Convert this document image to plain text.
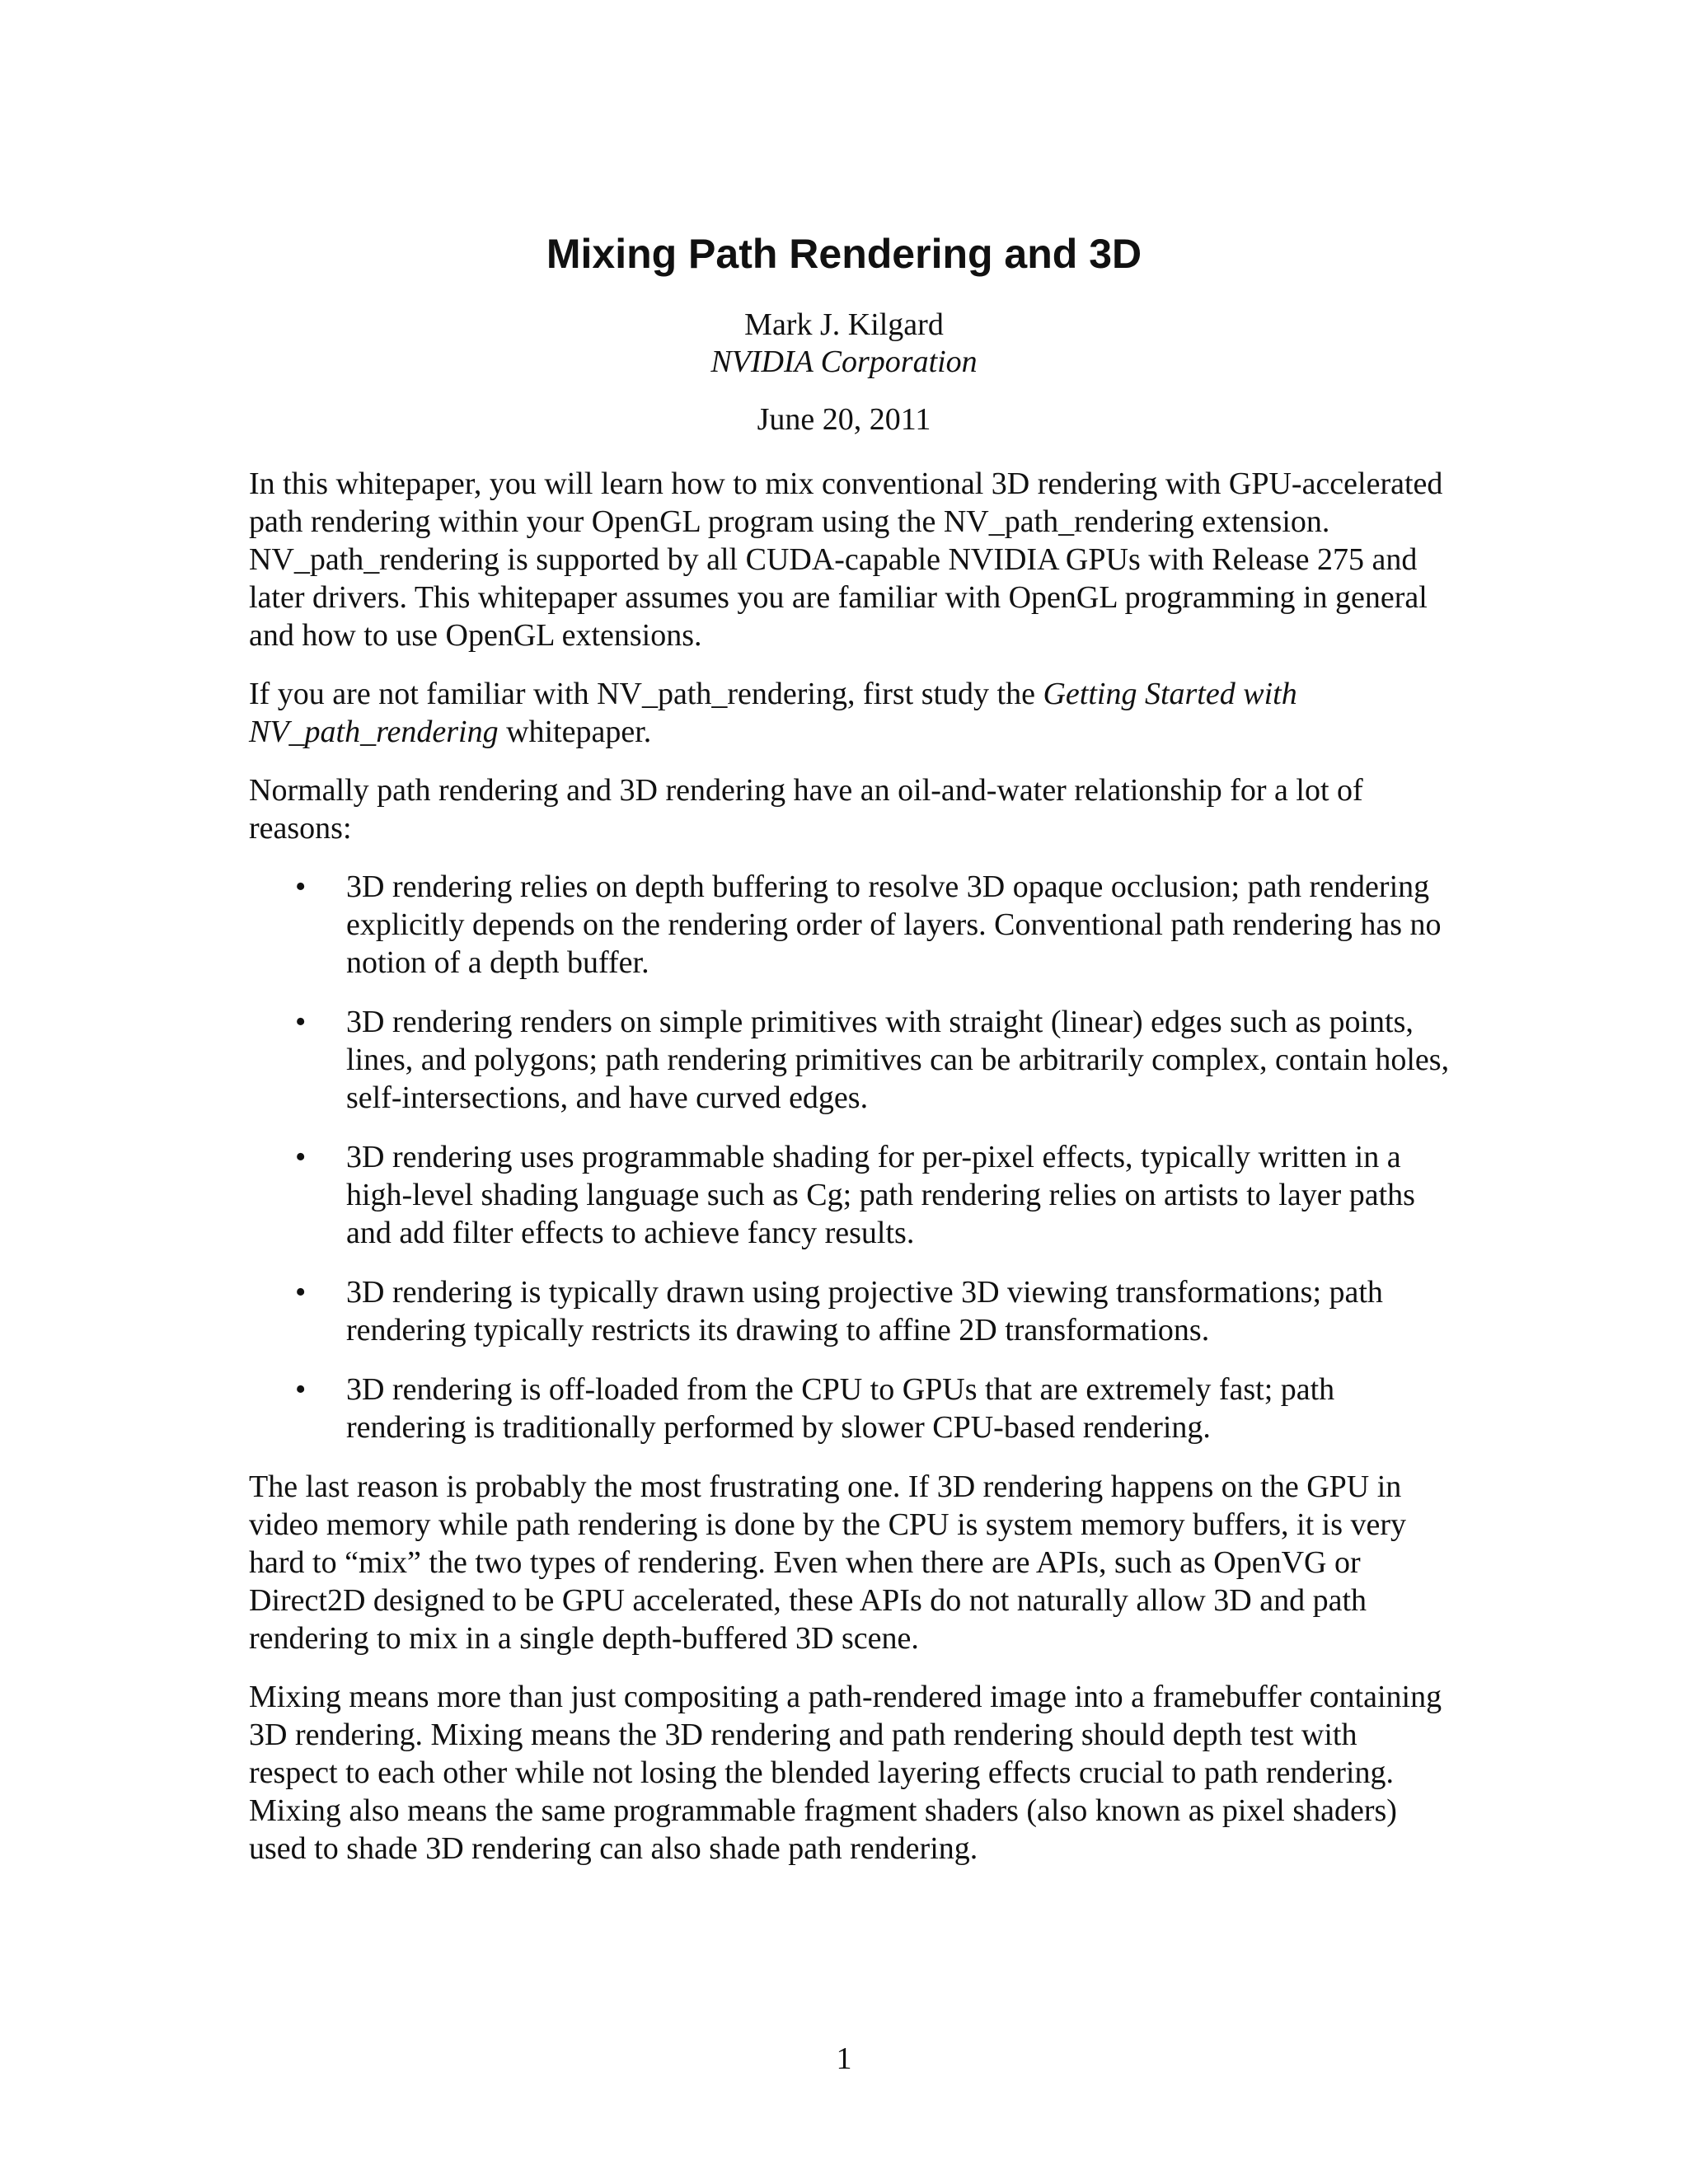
Mixing Path Rendering and 3D
Mark J. Kilgard
NVIDIA Corporation
June 20, 2011

In this whitepaper, you will learn how to mix conventional 3D rendering with GPU-accelerated path rendering within your OpenGL program using the NV_path_rendering extension. NV_path_rendering is supported by all CUDA-capable NVIDIA GPUs with Release 275 and later drivers. This whitepaper assumes you are familiar with OpenGL programming in general and how to use OpenGL extensions.

If you are not familiar with NV_path_rendering, first study the Getting Started with NV_path_rendering whitepaper.

Normally path rendering and 3D rendering have an oil-and-water relationship for a lot of reasons:

• 3D rendering relies on depth buffering to resolve 3D opaque occlusion; path rendering explicitly depends on the rendering order of layers. Conventional path rendering has no notion of a depth buffer.
• 3D rendering renders on simple primitives with straight (linear) edges such as points, lines, and polygons; path rendering primitives can be arbitrarily complex, contain holes, self-intersections, and have curved edges.
• 3D rendering uses programmable shading for per-pixel effects, typically written in a high-level shading language such as Cg; path rendering relies on artists to layer paths and add filter effects to achieve fancy results.
• 3D rendering is typically drawn using projective 3D viewing transformations; path rendering typically restricts its drawing to affine 2D transformations.
• 3D rendering is off-loaded from the CPU to GPUs that are extremely fast; path rendering is traditionally performed by slower CPU-based rendering.

The last reason is probably the most frustrating one. If 3D rendering happens on the GPU in video memory while path rendering is done by the CPU is system memory buffers, it is very hard to “mix” the two types of rendering. Even when there are APIs, such as OpenVG or Direct2D designed to be GPU accelerated, these APIs do not naturally allow 3D and path rendering to mix in a single depth-buffered 3D scene.

Mixing means more than just compositing a path-rendered image into a framebuffer containing 3D rendering. Mixing means the 3D rendering and path rendering should depth test with respect to each other while not losing the blended layering effects crucial to path rendering. Mixing also means the same programmable fragment shaders (also known as pixel shaders) used to shade 3D rendering can also shade path rendering.

1
